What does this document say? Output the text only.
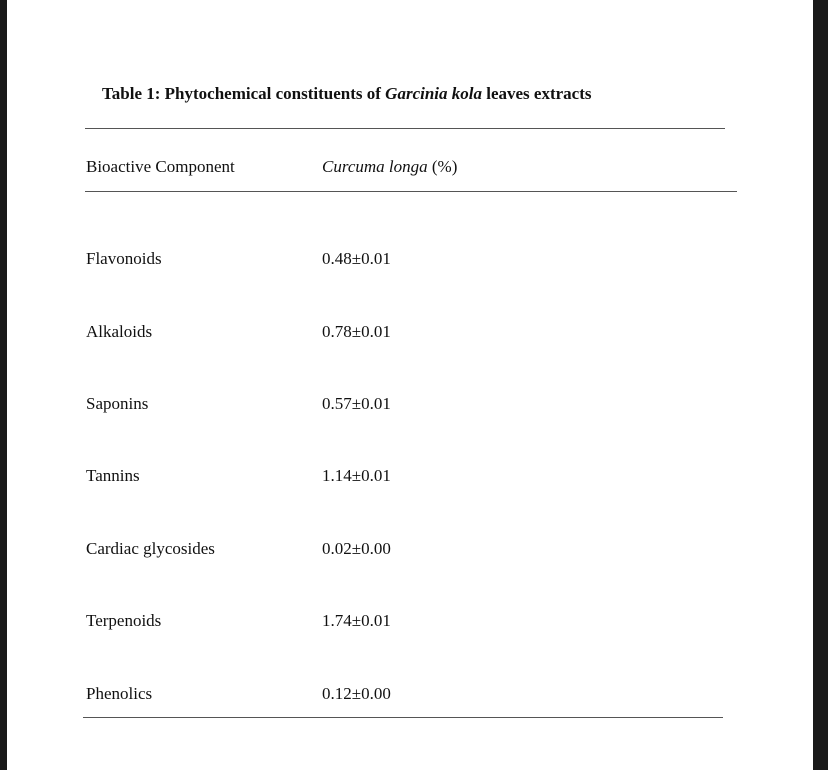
Table 1: Phytochemical constituents of Garcinia kola leaves extracts
Bioactive Component	Curcuma longa (%)
Flavonoids	0.48±0.01
Alkaloids	0.78±0.01
Saponins	0.57±0.01
Tannins	1.14±0.01
Cardiac glycosides	0.02±0.00
Terpenoids	1.74±0.01
Phenolics	0.12±0.00
